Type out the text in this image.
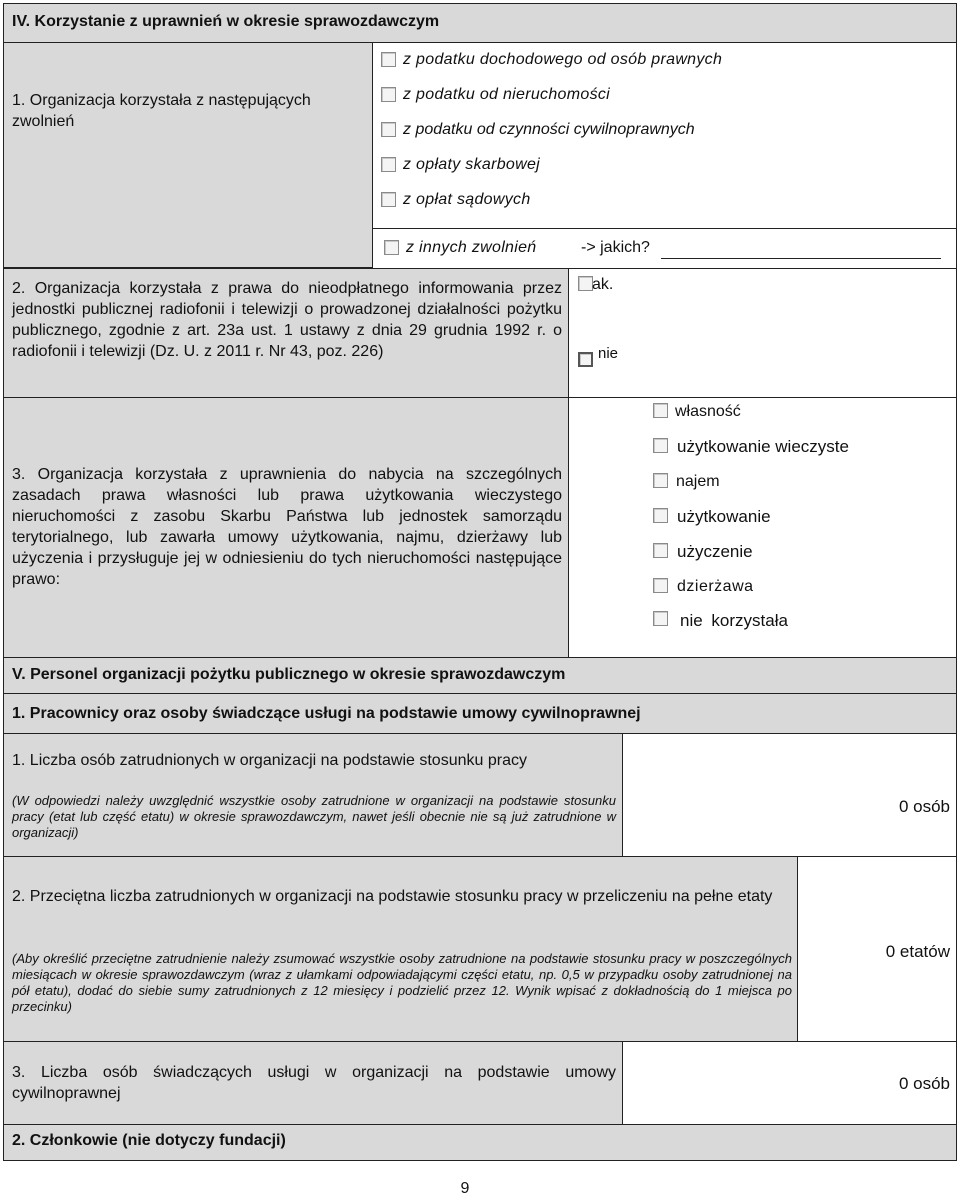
IV. Korzystanie z uprawnień w okresie sprawozdawczym
1. Organizacja korzystała z następujących zwolnień
z podatku dochodowego od osób prawnych
z podatku od nieruchomości
z podatku od czynności cywilnoprawnych
z opłaty skarbowej
z opłat sądowych
z innych zwolnień	-> jakich?
2. Organizacja korzystała z prawa do nieodpłatnego informowania przez jednostki publicznej radiofonii i telewizji o prowadzonej działalności pożytku publicznego, zgodnie z art. 23a ust. 1 ustawy z dnia 29 grudnia 1992 r. o radiofonii i telewizji (Dz. U. z 2011 r. Nr 43, poz. 226)
ak.
nie
3. Organizacja korzystała z uprawnienia do nabycia na szczególnych zasadach prawa własności lub prawa użytkowania wieczystego nieruchomości z zasobu Skarbu Państwa lub jednostek samorządu terytorialnego, lub zawarła umowy użytkowania, najmu, dzierżawy lub użyczenia i przysługuje jej w odniesieniu do tych nieruchomości następujące prawo:
własność
użytkowanie wieczyste
najem
użytkowanie
użyczenie
dzierżawa
nie korzystała
V. Personel organizacji pożytku publicznego w okresie sprawozdawczym
1. Pracownicy oraz osoby świadczące usługi na podstawie umowy cywilnoprawnej
1. Liczba osób zatrudnionych w organizacji na podstawie stosunku pracy
(W odpowiedzi należy uwzględnić wszystkie osoby zatrudnione w organizacji na podstawie stosunku pracy (etat lub część etatu) w okresie sprawozdawczym, nawet jeśli obecnie nie są już zatrudnione w organizacji)
0 osób
2. Przeciętna liczba zatrudnionych w organizacji na podstawie stosunku pracy w przeliczeniu na pełne etaty
(Aby określić przeciętne zatrudnienie należy zsumować wszystkie osoby zatrudnione na podstawie stosunku pracy w poszczególnych miesiącach w okresie sprawozdawczym (wraz z ułamkami odpowiadającymi części etatu, np. 0,5 w przypadku osoby zatrudnionej na pół etatu), dodać do siebie sumy zatrudnionych z 12 miesięcy i podzielić przez 12. Wynik wpisać z dokładnością do 1 miejsca po przecinku)
0 etatów
3. Liczba osób świadczących usługi w organizacji na podstawie umowy cywilnoprawnej
0 osób
2. Członkowie (nie dotyczy fundacji)
9
